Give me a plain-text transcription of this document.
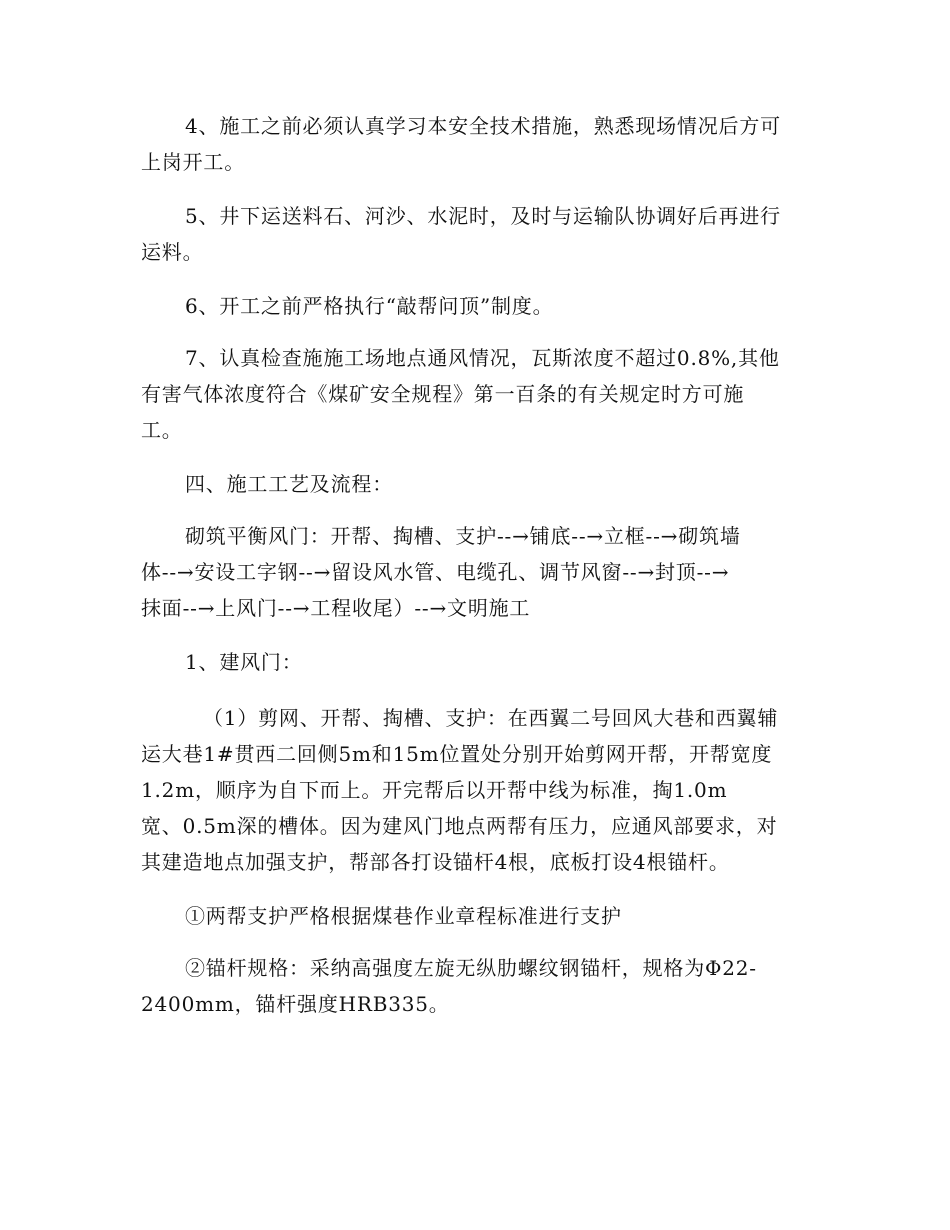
4、施工之前必须认真学习本安全技术措施，熟悉现场情况后方可
上岗开工。
5、井下运送料石、河沙、水泥时，及时与运输队协调好后再进行
运料。
6、开工之前严格执行“敲帮问顶”制度。
7、认真检查施施工场地点通风情况，瓦斯浓度不超过0.8%,其他
有害气体浓度符合《煤矿安全规程》第一百条的有关规定时方可施
工。
四、施工工艺及流程：
砌筑平衡风门：开帮、掏槽、支护--→铺底--→立框--→砌筑墙
体--→安设工字钢--→留设风水管、电缆孔、调节风窗--→封顶--→
抹面--→上风门--→工程收尾）--→文明施工
1、建风门：
（1）剪网、开帮、掏槽、支护：在西翼二号回风大巷和西翼辅
运大巷1#贯西二回侧5m和15m位置处分别开始剪网开帮，开帮宽度
1.2m，顺序为自下而上。开完帮后以开帮中线为标准，掏1.0m
宽、0.5m深的槽体。因为建风门地点两帮有压力，应通风部要求，对
其建造地点加强支护，帮部各打设锚杆4根，底板打设4根锚杆。
①两帮支护严格根据煤巷作业章程标准进行支护
②锚杆规格：采纳高强度左旋无纵肋螺纹钢锚杆，规格为Φ22-
2400mm，锚杆强度HRB335。
